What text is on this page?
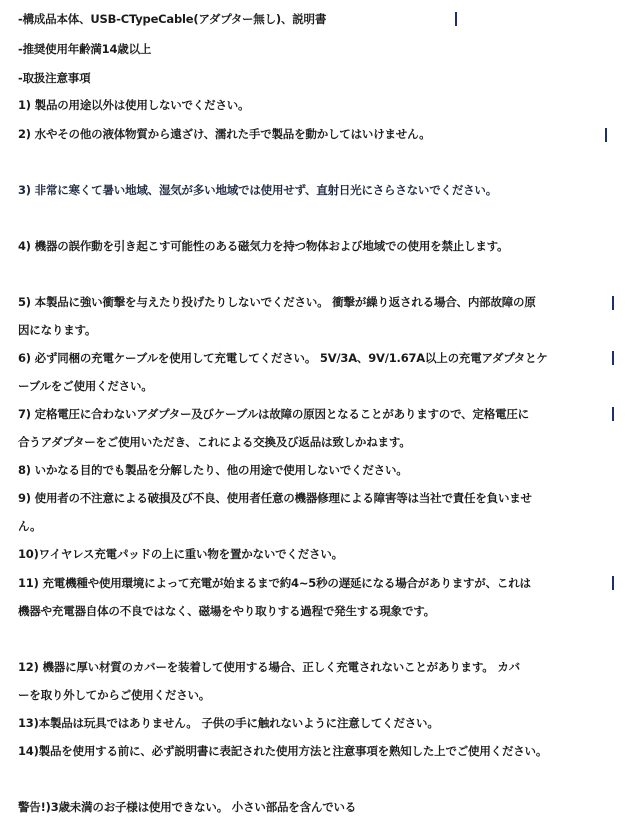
-構成品本体、USB-CTypeCable(アダプター無し)、説明書
-推奨使用年齢満14歳以上
-取扱注意事項
1) 製品の用途以外は使用しないでください。
2) 水やその他の液体物質から遠ざけ、濡れた手で製品を動かしてはいけません。
3) 非常に寒くて暑い地域、湿気が多い地域では使用せず、直射日光にさらさないでください。
4) 機器の誤作動を引き起こす可能性のある磁気力を持つ物体および地域での使用を禁止します。
5) 本製品に強い衝撃を与えたり投げたりしないでください。 衝撃が繰り返される場合、内部故障の原
因になります。
6) 必ず同梱の充電ケーブルを使用して充電してください。 5V/3A、9V/1.67A以上の充電アダプタとケ
ーブルをご使用ください。
7) 定格電圧に合わないアダプター及びケーブルは故障の原因となることがありますので、定格電圧に
合うアダプターをご使用いただき、これによる交換及び返品は致しかねます。
8) いかなる目的でも製品を分解したり、他の用途で使用しないでください。
9) 使用者の不注意による破損及び不良、使用者任意の機器修理による障害等は当社で責任を負いませ
ん。
10)ワイヤレス充電パッドの上に重い物を置かないでください。
11) 充電機種や使用環境によって充電が始まるまで約4~5秒の遅延になる場合がありますが、これは
機器や充電器自体の不良ではなく、磁場をやり取りする過程で発生する現象です。
12) 機器に厚い材質のカバーを装着して使用する場合、正しく充電されないことがあります。 カバ
ーを取り外してからご使用ください。
13)本製品は玩具ではありません。 子供の手に触れないように注意してください。
14)製品を使用する前に、必ず説明書に表記された使用方法と注意事項を熟知した上でご使用ください。
警告!)3歳未満のお子様は使用できない。 小さい部品を含んでいる
